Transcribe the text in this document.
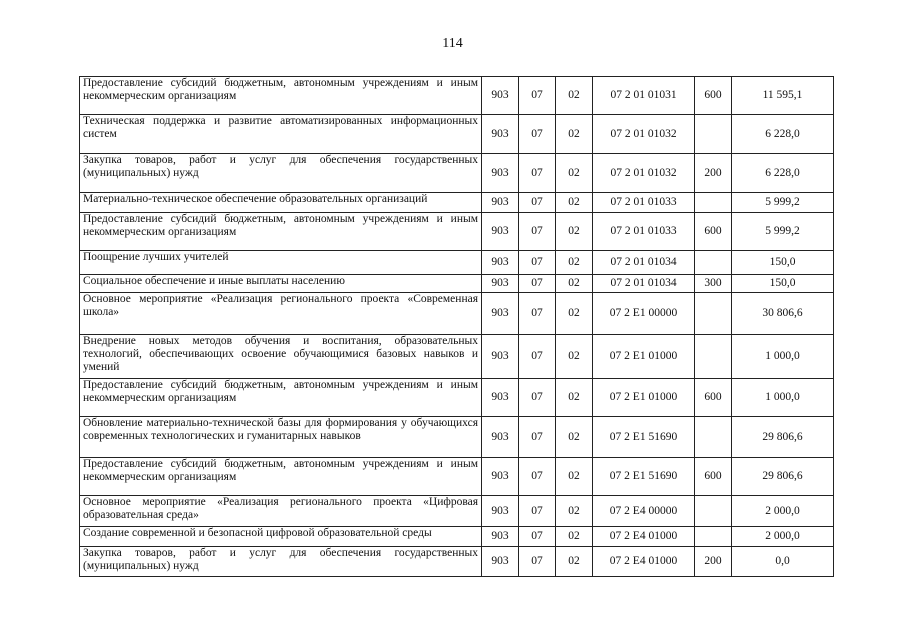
114
Предоставление субсидий бюджетным, автономным учреждениям и иным некоммерческим организациям	903	07	02	07 2 01 01031	600	11 595,1
Техническая поддержка и развитие автоматизированных информационных систем	903	07	02	07 2 01 01032		6 228,0
Закупка товаров, работ и услуг для обеспечения государственных (муниципальных) нужд	903	07	02	07 2 01 01032	200	6 228,0
Материально-техническое обеспечение образовательных организаций	903	07	02	07 2 01 01033		5 999,2
Предоставление субсидий бюджетным, автономным учреждениям и иным некоммерческим организациям	903	07	02	07 2 01 01033	600	5 999,2
Поощрение лучших учителей	903	07	02	07 2 01 01034		150,0
Социальное обеспечение и иные выплаты населению	903	07	02	07 2 01 01034	300	150,0
Основное мероприятие «Реализация регионального проекта «Современная школа»	903	07	02	07 2 E1 00000		30 806,6
Внедрение новых методов обучения и воспитания, образовательных технологий, обеспечивающих освоение обучающимися базовых навыков и умений	903	07	02	07 2 E1 01000		1 000,0
Предоставление субсидий бюджетным, автономным учреждениям и иным некоммерческим организациям	903	07	02	07 2 E1 01000	600	1 000,0
Обновление материально-технической базы для формирования у обучающихся современных технологических и гуманитарных навыков	903	07	02	07 2 E1 51690		29 806,6
Предоставление субсидий бюджетным, автономным учреждениям и иным некоммерческим организациям	903	07	02	07 2 E1 51690	600	29 806,6
Основное мероприятие «Реализация регионального проекта «Цифровая образовательная среда»	903	07	02	07 2 E4 00000		2 000,0
Создание современной и безопасной цифровой образовательной среды	903	07	02	07 2 E4 01000		2 000,0
Закупка товаров, работ и услуг для обеспечения государственных (муниципальных) нужд	903	07	02	07 2 E4 01000	200	0,0
